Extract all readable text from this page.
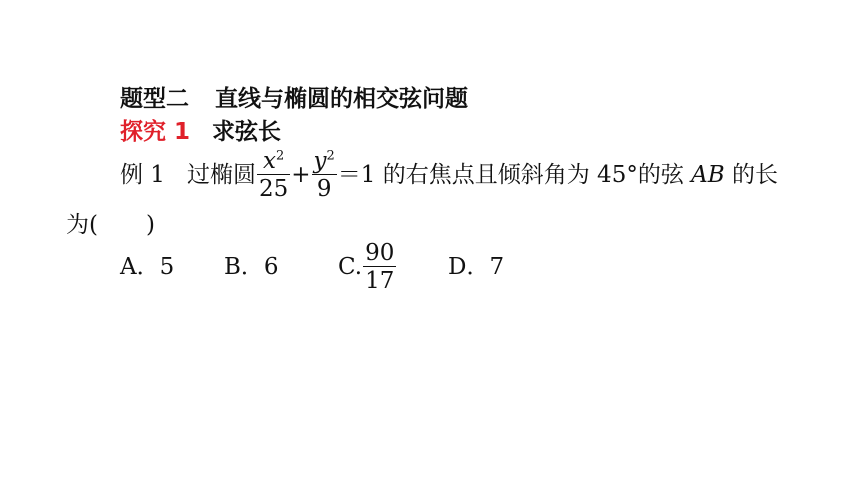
题型二 直线与椭圆的相交弦问题
探究 1 求弦长
例 1 过椭圆 $\frac{x^2}{25} + \frac{y^2}{9} =1$ 的右焦点且倾斜角为 45°的弦 AB 的长
为( )
A．5 B．6	C. $\frac{90}{17}$ D．7
